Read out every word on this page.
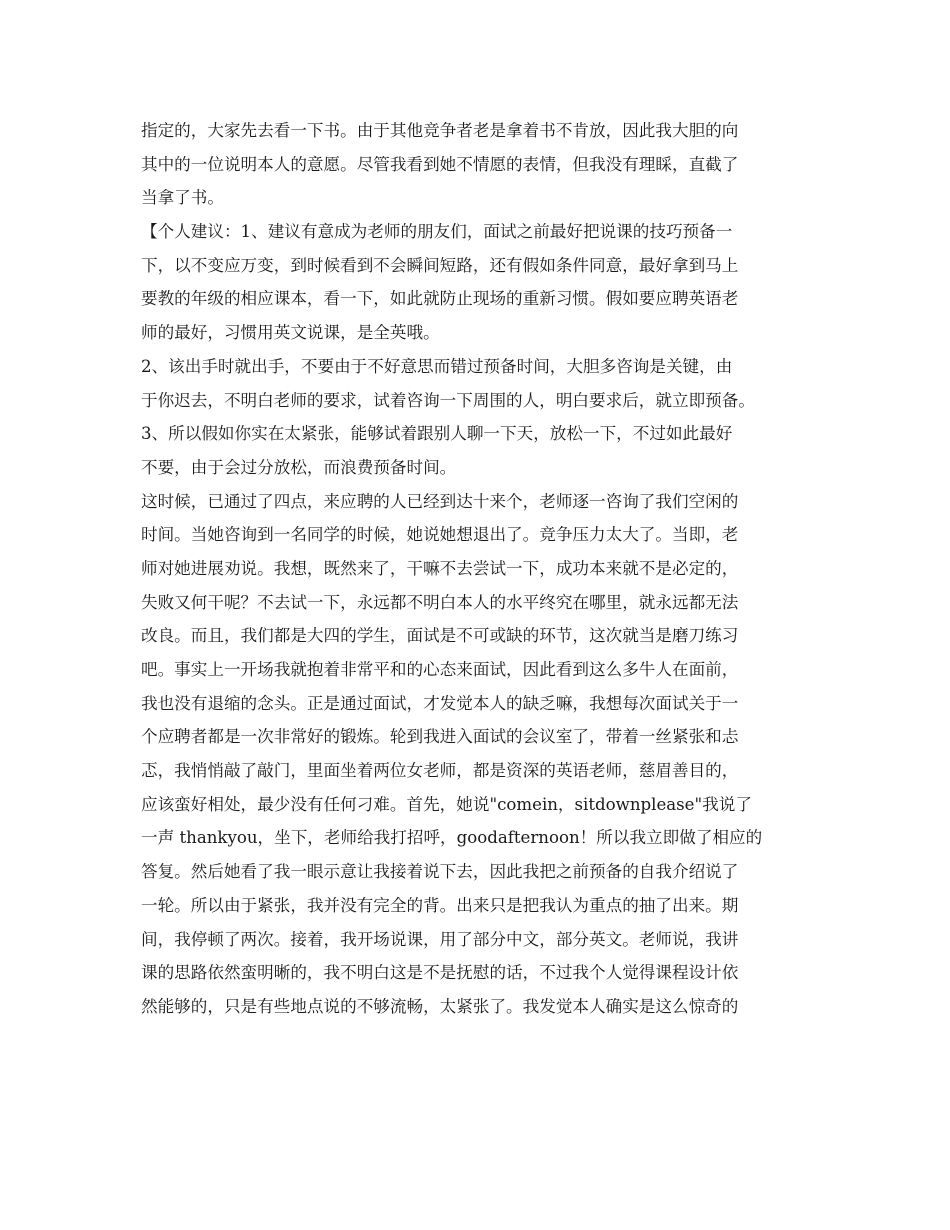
指定的，大家先去看一下书。由于其他竞争者老是拿着书不肯放，因此我大胆的向
其中的一位说明本人的意愿。尽管我看到她不情愿的表情，但我没有理睬，直截了
当拿了书。
【个人建议：1、建议有意成为老师的朋友们，面试之前最好把说课的技巧预备一
下，以不变应万变，到时候看到不会瞬间短路，还有假如条件同意，最好拿到马上
要教的年级的相应课本，看一下，如此就防止现场的重新习惯。假如要应聘英语老
师的最好，习惯用英文说课，是全英哦。
2、该出手时就出手，不要由于不好意思而错过预备时间，大胆多咨询是关键，由
于你迟去，不明白老师的要求，试着咨询一下周围的人，明白要求后，就立即预备。
3、所以假如你实在太紧张，能够试着跟别人聊一下天，放松一下，不过如此最好
不要，由于会过分放松，而浪费预备时间。
这时候，已通过了四点，来应聘的人已经到达十来个，老师逐一咨询了我们空闲的
时间。当她咨询到一名同学的时候，她说她想退出了。竞争压力太大了。当即，老
师对她进展劝说。我想，既然来了，干嘛不去尝试一下，成功本来就不是必定的，
失败又何干呢？不去试一下，永远都不明白本人的水平终究在哪里，就永远都无法
改良。而且，我们都是大四的学生，面试是不可或缺的环节，这次就当是磨刀练习
吧。事实上一开场我就抱着非常平和的心态来面试，因此看到这么多牛人在面前，
我也没有退缩的念头。正是通过面试，才发觉本人的缺乏嘛，我想每次面试关于一
个应聘者都是一次非常好的锻炼。轮到我进入面试的会议室了，带着一丝紧张和忐
忑，我悄悄敲了敲门，里面坐着两位女老师，都是资深的英语老师，慈眉善目的，
应该蛮好相处，最少没有任何刁难。首先，她说"comein，sitdownplease"我说了
一声 thankyou，坐下，老师给我打招呼，goodafternoon！所以我立即做了相应的
答复。然后她看了我一眼示意让我接着说下去，因此我把之前预备的自我介绍说了
一轮。所以由于紧张，我并没有完全的背。出来只是把我认为重点的抽了出来。期
间，我停顿了两次。接着，我开场说课，用了部分中文，部分英文。老师说，我讲
课的思路依然蛮明晰的，我不明白这是不是抚慰的话，不过我个人觉得课程设计依
然能够的，只是有些地点说的不够流畅，太紧张了。我发觉本人确实是这么惊奇的
